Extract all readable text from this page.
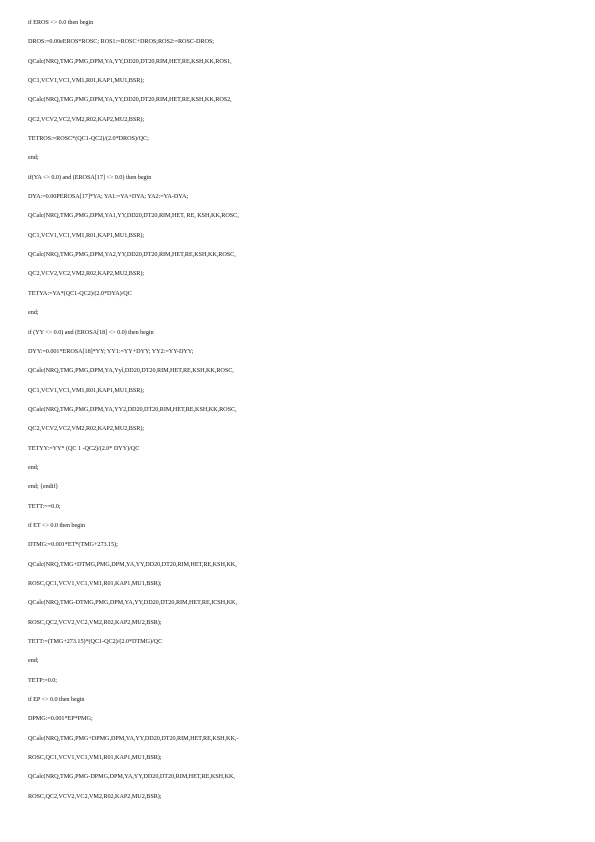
if EROS <> 0.0 then begin
DROS:=0.00eEROS*ROSC; ROS1:=ROSC+DROS;ROS2:=ROSC-DROS;
QCalc(NRQ,TMG,PMG,DPM,YA,YY,DD20,DT20,RIM,HET,RE,KSH,KK,ROS1,
QC1,VCV1,VC1,VM1,R01,KAP1,MU1,BSR);
QCalc(NRQ,TMG,PMG,DPM,YA,YY,DD20,DT20,RIM,HET,RE,KSH,KK,ROS2,
QC2,VCV2,VC2,VM2,R02,KAP2,MU2,BSR);
TETROS:=ROSC*(QC1-QC2)/(2.0*DROS)/QC;
end;
if(YA <> 0.0) and (EROSA[17] <> 0.0) then begin
DYA:=0.00PEROSA[17]*YA; YA1:=YA+DYA; YA2:=YA-DYA;
QCalc(NRQ,TMG,PMG,DPM,YA1,YY,DD20,DT20,RIM,HET, RE, KSH,KK,ROSC,
QC1,VCV1,VC1,VM1,R01,KAP1,MU1,BSR);
QCalc(NRQ,TMG,PMG,DPM,YA2,YY,DD20,DT20,RIM,HET,RE,KSH,KK,ROSC,
QC2,VCV2,VC2,VM2,R02,KAP2,MU2,BSR);
TETYA:=YA*(QC1-QC2)/(2.0*DYA)/QC
end;
if (YY <> 0.0) and (EROSA[18] <> 0.0) then begin
DYY:=0.001*EROSA[18]*YY; YY1:=YY+DYY; YY2:=YY-DYY;
QCalc(NRQ,TMG,PMG,DPM,YA,Yyl,DD20,DT20,RIM,HET,RE,KSH,KK,ROSC,
QC1,VCV1,VC1,VM1,R01,KAP1,MU1,BSR);
QCalc(NRQ,TMG,PMG,DPM,YA,YY2,DD20,DT20,RIM,HET,RE,KSH,KK,ROSC,
QC2,VCV2,VC2,VM2,R02,KAP2,MU2,BSR);
TETYY:=YY* (QC 1 -QC2)/(2.0* DYY)/QC
end;
end; {endif}
TETT:==0.0;
if ET <> 0.0 then begin
DTMG:=0.001*ET*(TMG+273.15);
QCalc(NRQ,TMG+DTMG,PMG,DPM,YA,YY,DD20,DT20,RIM,HET,RE,KSH,KK,
ROSC,QC1,VCV1,VC1,VM1,R01,KAP1,MU1,BSR);
QCalc(NRQ,TMG-DTMG,PMG,DPM,YA,YY,DD20,DT20,RIM,HET,RE,ICSH,KK,
ROSC,QC2,VCV2,VC2,VM2,R02,KAP2,MU2,BSR);
TETT:=(TMG+273.15)*(QC1-QC2)/(2.0*DTMG)/QC
end;
TETP:=0.0;
if EP <> 0.0 then begin
DPMG:=0.001*EP*PMG;
QCalc(NRQ,TMG,PMG+DPMG,DPM,YA,YY,DD20,DT20,RIM,HET,RE,KSH,KK,-
ROSC,QC1,VCV1,VC1,VM1,R01,KAP1,MU1,BSR);
QCalc(NRQ,TMG,PMG-DPMG,DPM,YA,YY,DD20,DT20,RIM,HET,RE,KSH,KK,
ROSC,QC2,VCV2,VC2,VM2,R02,KAP2,MU2,BSR);
